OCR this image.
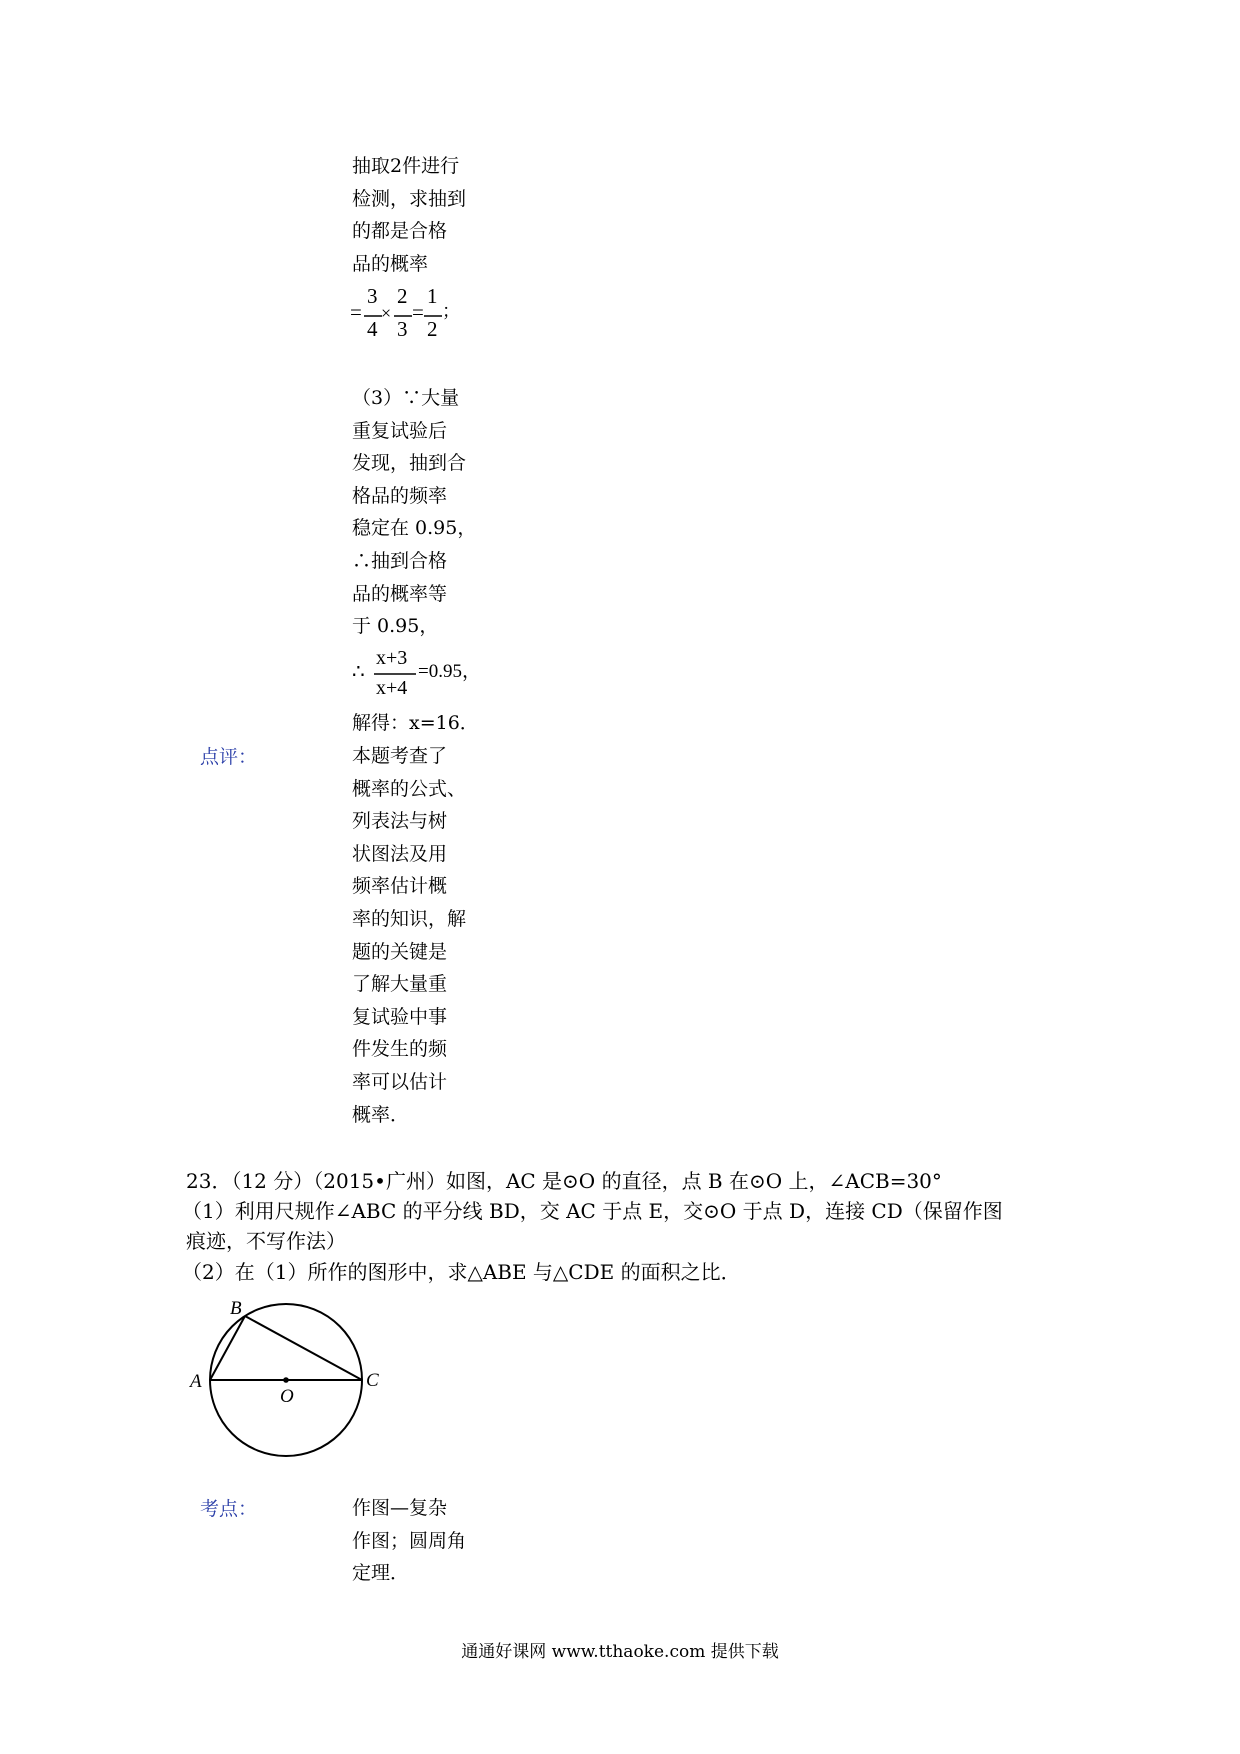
抽取2件进行
检测，求抽到
的都是合格
品的概率
=
3
4
×
2
3
=
1
2
；
（3）∵大量
重复试验后
发现，抽到合
格品的频率
稳定在 0.95，
∴抽到合格
品的概率等
于 0.95，
∴
x+3
x+4
=0.95，
解得：x=16．
点评：	本题考查了
概率的公式、
列表法与树
状图法及用
频率估计概
率的知识，解
题的关键是
了解大量重
复试验中事
件发生的频
率可以估计
概率．
23．（12 分）（2015•广州）如图，AC 是⊙O 的直径，点 B 在⊙O 上，∠ACB=30°
（1）利用尺规作∠ABC 的平分线 BD，交 AC 于点 E，交⊙O 于点 D，连接 CD（保留作图
痕迹，不写作法）
（2）在（1）所作的图形中，求△ABE 与△CDE 的面积之比．
B
A	C
O
考点：	作图—复杂
作图；圆周角
定理．
通通好课网 www.tthaoke.com 提供下载
